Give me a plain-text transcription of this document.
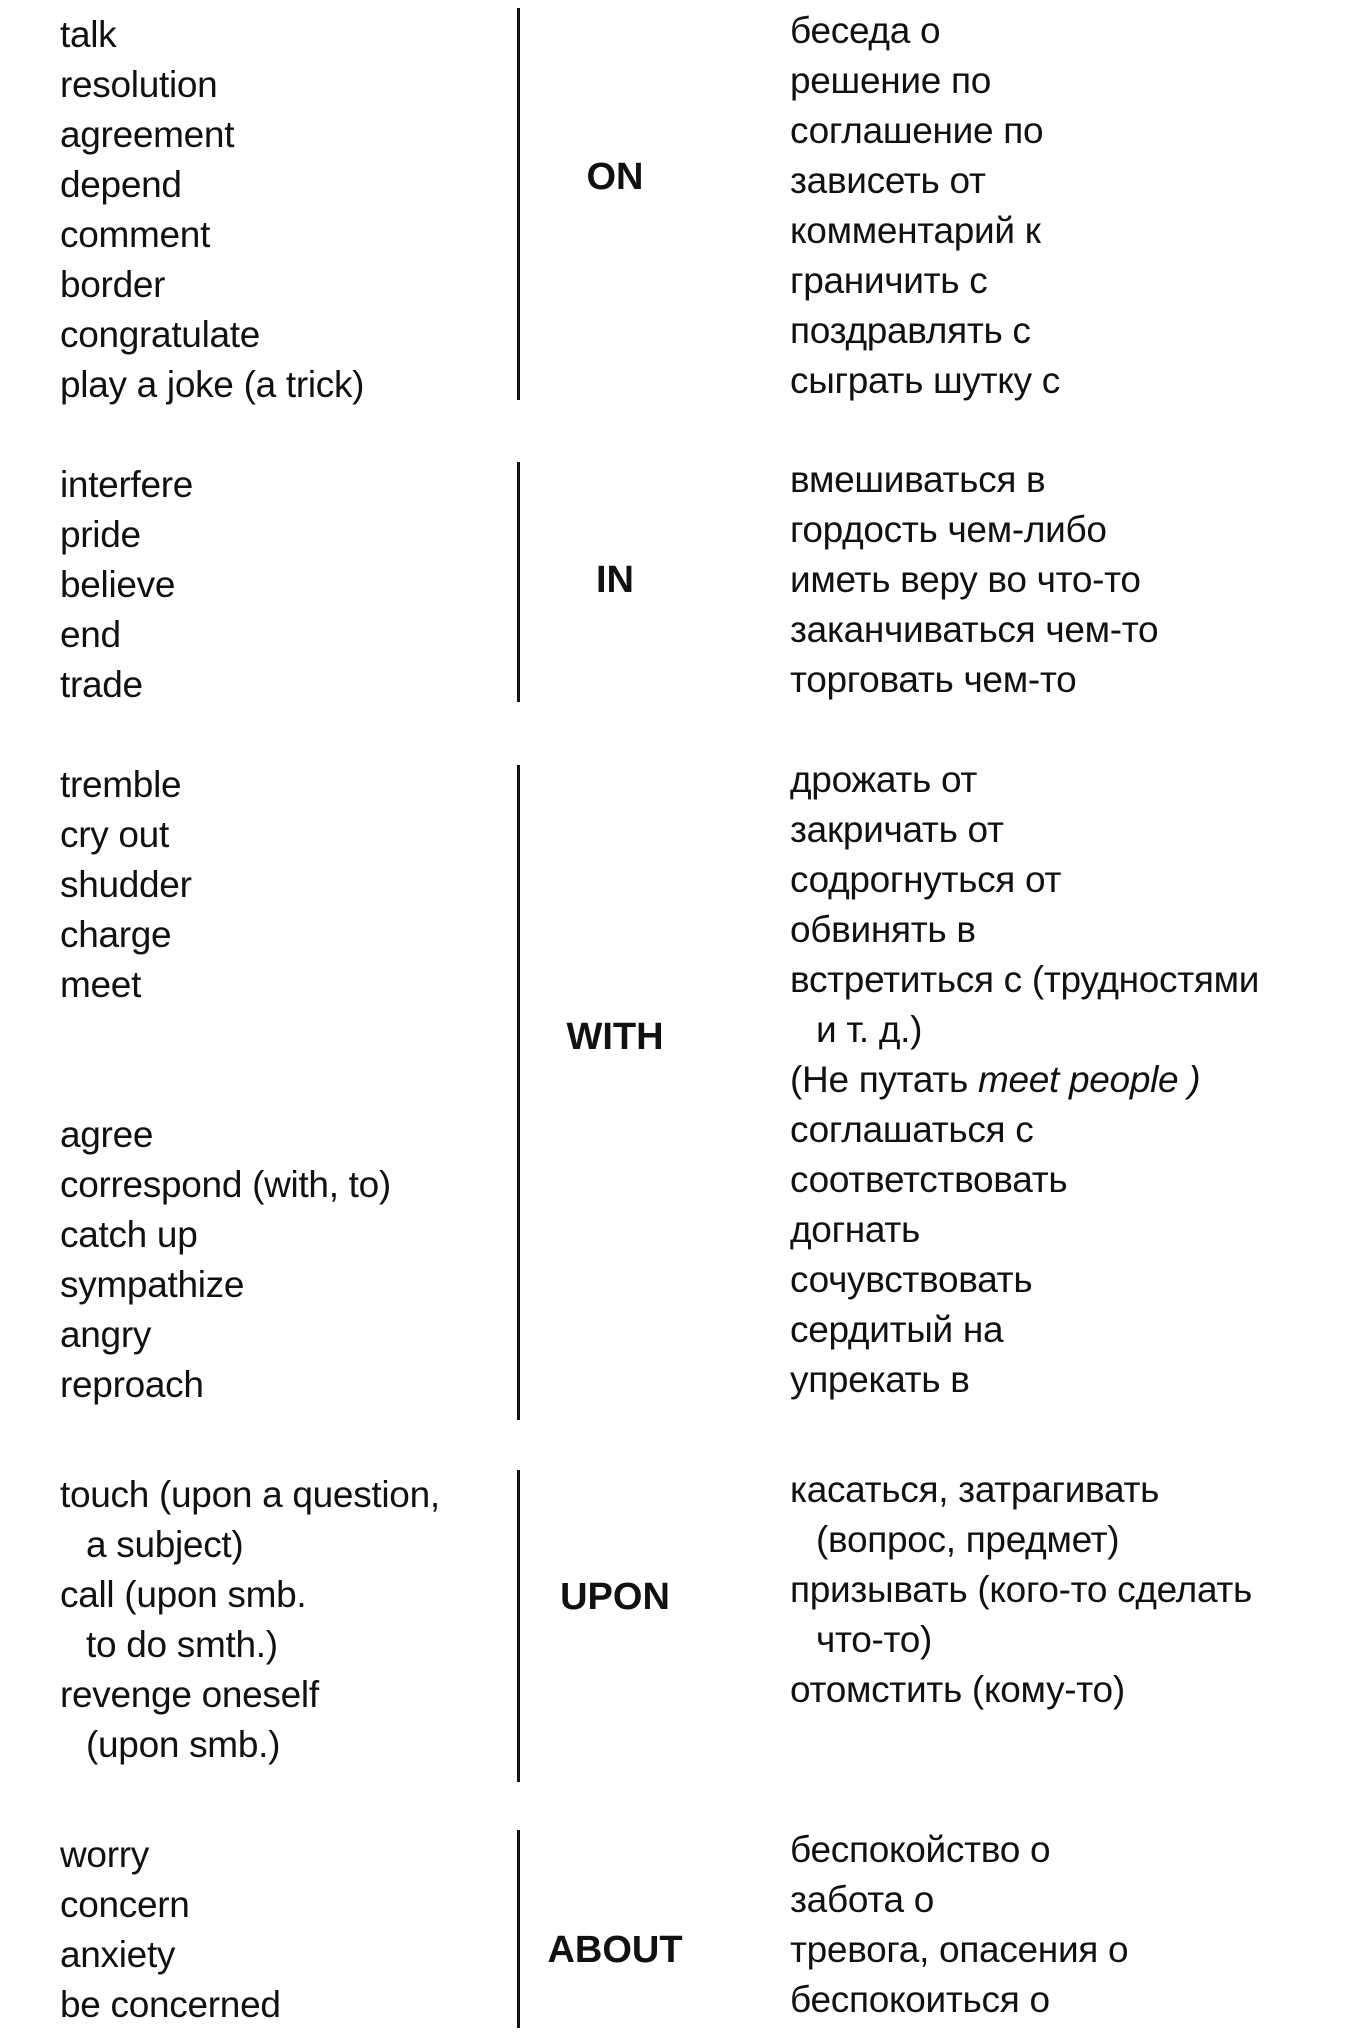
ON
talk
resolution
agreement
depend
comment
border
congratulate
play a joke (a trick)
беседа о
решение по
соглашение по
зависеть от
комментарий к
граничить с
поздравлять с
сыграть шутку с
IN
interfere
pride
believe
end
trade
вмешиваться в
гордость чем-либо
иметь веру во что-то
заканчиваться чем-то
торговать чем-то
WITH
tremble
cry out
shudder
charge
meet
agree
correspond (with, to)
catch up
sympathize
angry
reproach
дрожать от
закричать от
содрогнуться от
обвинять в
встретиться с (трудностями
и т. д.)
(Не путать meet people )
соглашаться с
соответствовать
догнать
сочувствовать
сердитый на
упрекать в
UPON
touch (upon a question,
a subject)
call (upon smb.
to do smth.)
revenge oneself
(upon smb.)
касаться, затрагивать
(вопрос, предмет)
призывать (кого-то сделать
что-то)
отомстить (кому-то)
ABOUT
worry
concern
anxiety
be concerned
беспокойство о
забота о
тревога, опасения о
беспокоиться о
